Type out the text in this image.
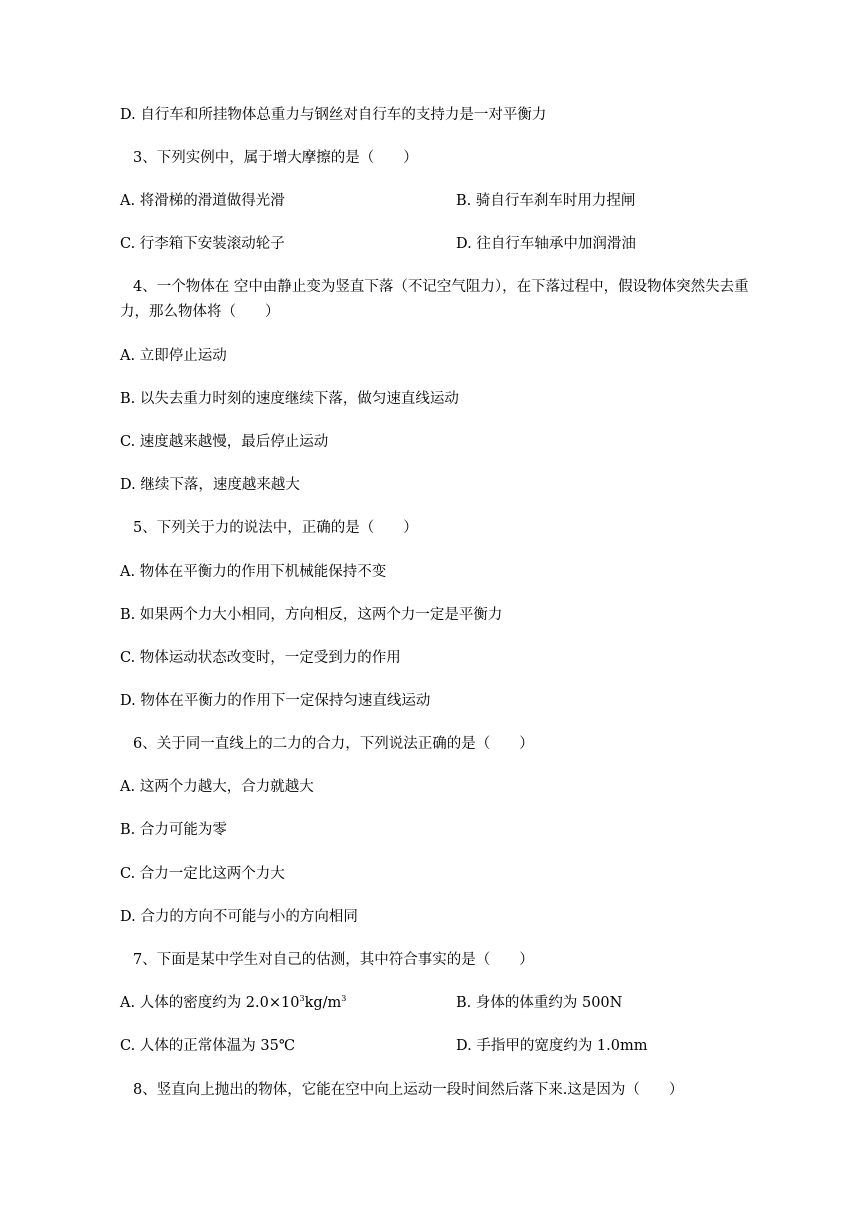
D. 自行车和所挂物体总重力与钢丝对自行车的支持力是一对平衡力
3、下列实例中，属于增大摩擦的是（　　）
A. 将滑梯的滑道做得光滑	B. 骑自行车刹车时用力捏闸
C. 行李箱下安装滚动轮子	D. 往自行车轴承中加润滑油
4、一个物体在 空中由静止变为竖直下落（不记空气阻力），在下落过程中，假设物体突然失去重
力，那么物体将（　　）
A. 立即停止运动
B. 以失去重力时刻的速度继续下落，做匀速直线运动
C. 速度越来越慢，最后停止运动
D. 继续下落，速度越来越大
5、下列关于力的说法中，正确的是（　　）
A. 物体在平衡力的作用下机械能保持不变
B. 如果两个力大小相同，方向相反，这两个力一定是平衡力
C. 物体运动状态改变时，一定受到力的作用
D. 物体在平衡力的作用下一定保持匀速直线运动
6、关于同一直线上的二力的合力，下列说法正确的是（　　）
A. 这两个力越大，合力就越大
B. 合力可能为零
C. 合力一定比这两个力大
D. 合力的方向不可能与小的方向相同
7、下面是某中学生对自己的估测，其中符合事实的是（　　）
A. 人体的密度约为 $2.0\times 10^3kg/m^3$	B. 身体的体重约为 500N
C. 人体的正常体温为 35℃	D. 手指甲的宽度约为 1.0mm
8、竖直向上抛出的物体，它能在空中向上运动一段时间然后落下来.这是因为（　　）
